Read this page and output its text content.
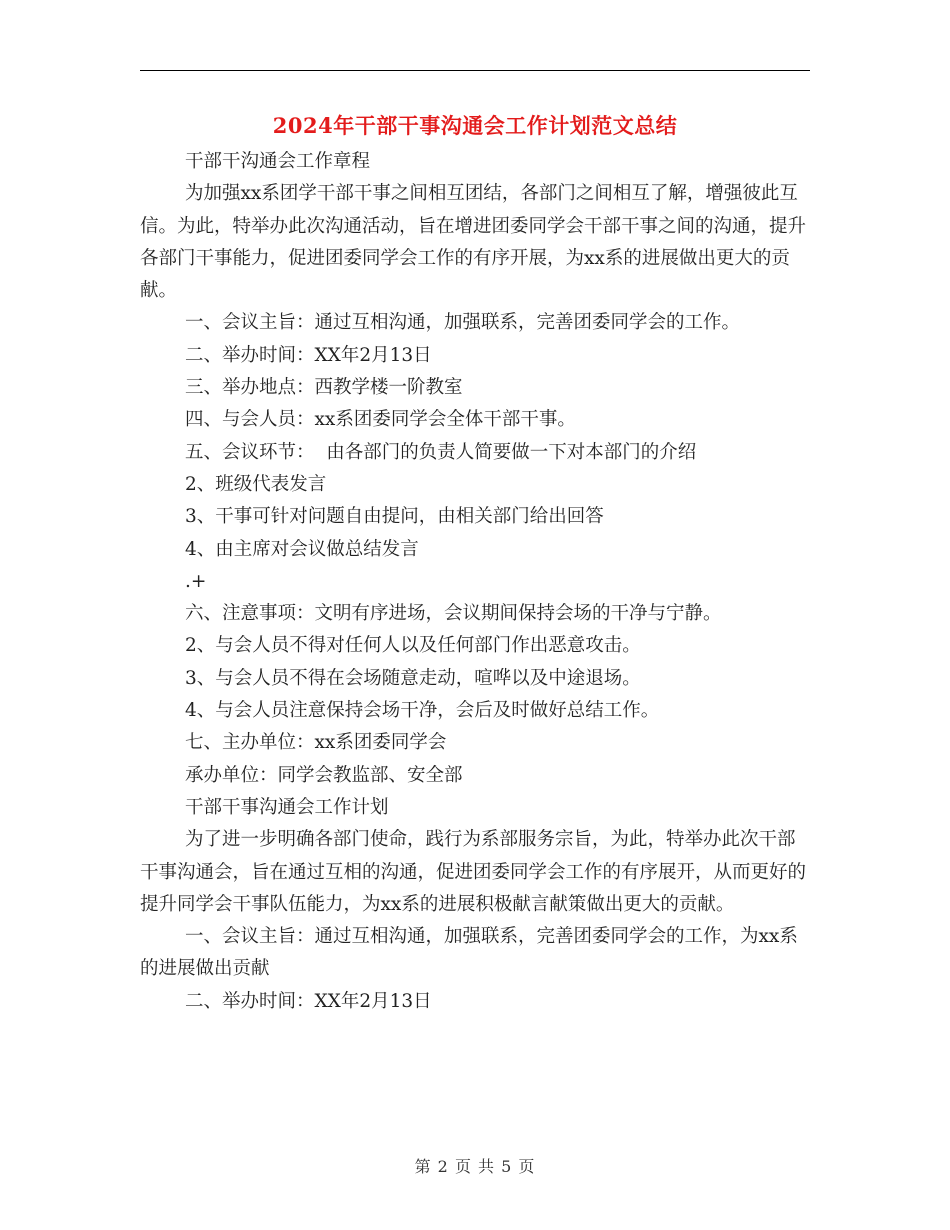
2024年干部干事沟通会工作计划范文总结

干部干沟通会工作章程

为加强xx系团学干部干事之间相互团结，各部门之间相互了解，增强彼此互信。为此，特举办此次沟通活动，旨在增进团委同学会干部干事之间的沟通，提升各部门干事能力，促进团委同学会工作的有序开展，为xx系的进展做出更大的贡献。

一、会议主旨：通过互相沟通，加强联系，完善团委同学会的工作。

二、举办时间：XX年2月13日

三、举办地点：西教学楼一阶教室

四、与会人员：xx系团委同学会全体干部干事。

五、会议环节：  由各部门的负责人简要做一下对本部门的介绍

2、班级代表发言

3、干事可针对问题自由提问，由相关部门给出回答

4、由主席对会议做总结发言

.+

六、注意事项：文明有序进场，会议期间保持会场的干净与宁静。

2、与会人员不得对任何人以及任何部门作出恶意攻击。

3、与会人员不得在会场随意走动，喧哗以及中途退场。

4、与会人员注意保持会场干净，会后及时做好总结工作。

七、主办单位：xx系团委同学会

承办单位：同学会教监部、安全部

干部干事沟通会工作计划

为了进一步明确各部门使命，践行为系部服务宗旨，为此，特举办此次干部干事沟通会，旨在通过互相的沟通，促进团委同学会工作的有序展开，从而更好的提升同学会干事队伍能力，为xx系的进展积极献言献策做出更大的贡献。

一、会议主旨：通过互相沟通，加强联系，完善团委同学会的工作，为xx系的进展做出贡献

二、举办时间：XX年2月13日

第 2 页 共 5 页
